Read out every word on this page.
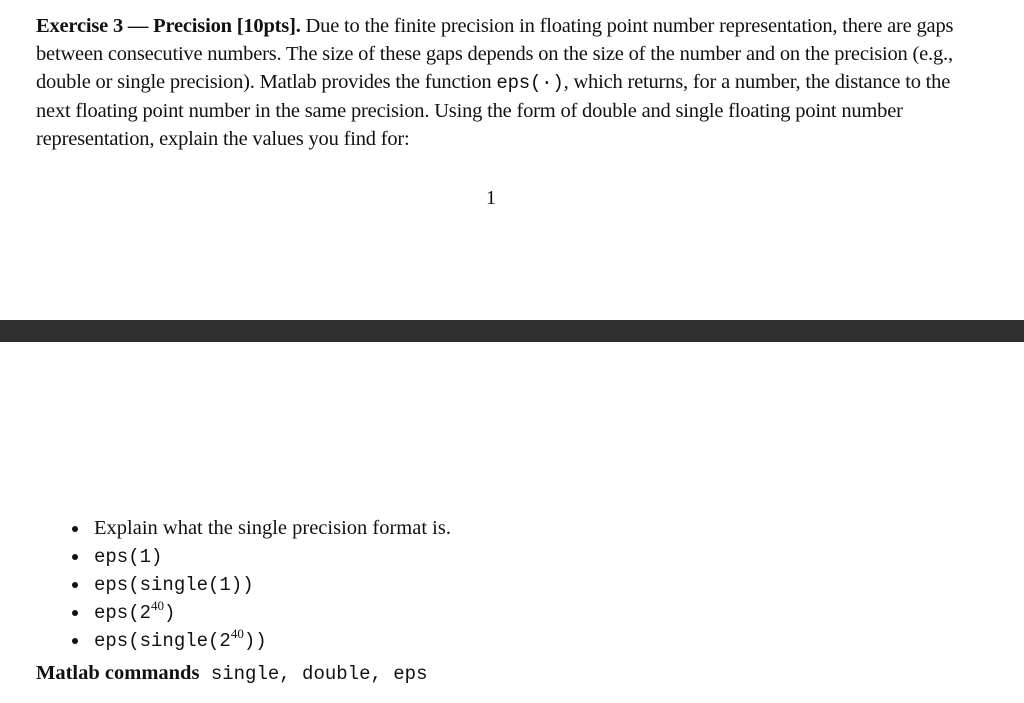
Exercise 3 — Precision [10pts]. Due to the finite precision in floating point number representation, there are gaps between consecutive numbers. The size of these gaps depends on the size of the number and on the precision (e.g., double or single precision). Matlab provides the function eps(·), which returns, for a number, the distance to the next floating point number in the same precision. Using the form of double and single floating point number representation, explain the values you find for:
1
Explain what the single precision format is.
eps(1)
eps(single(1))
$eps(2^{40})$
$eps(single(2^{40}))$
Matlab commands single, double, eps
